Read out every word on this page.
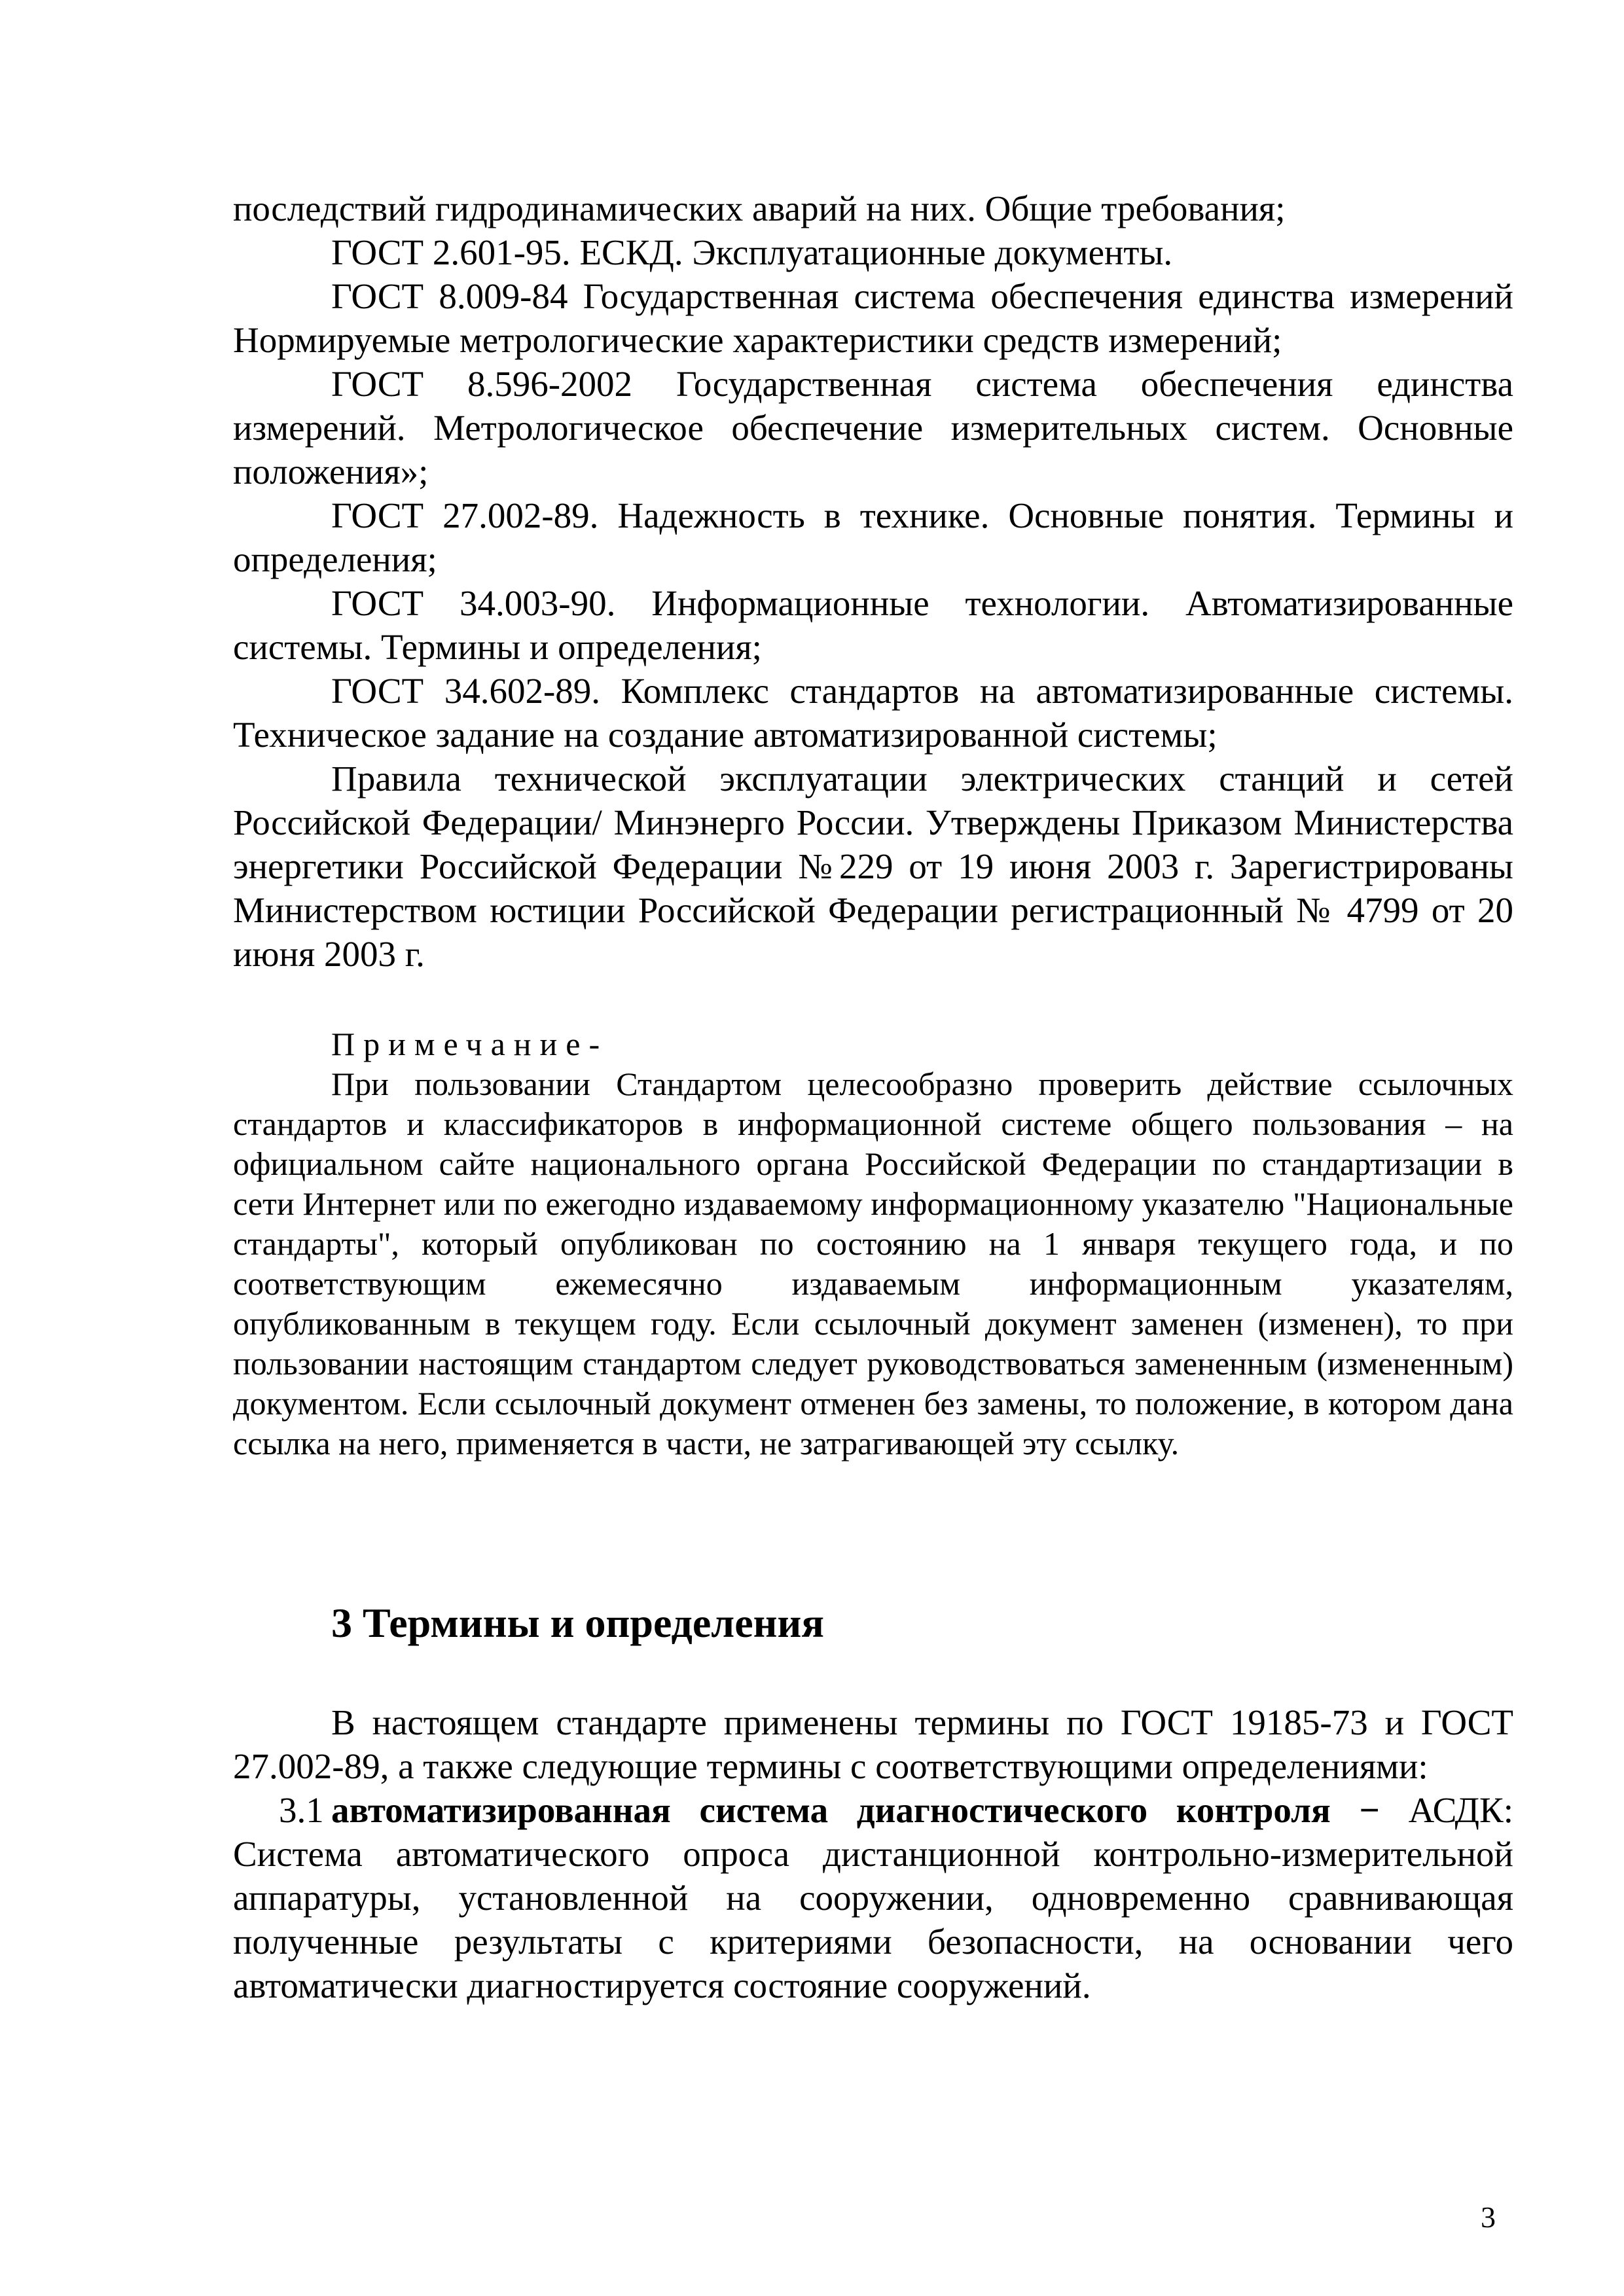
последствий гидродинамических аварий на них. Общие требования;

ГОСТ 2.601-95. ЕСКД. Эксплуатационные документы.

ГОСТ 8.009-84 Государственная система обеспечения единства измерений Нормируемые метрологические характеристики средств измерений;

ГОСТ 8.596-2002 Государственная система обеспечения единства измерений. Метрологическое обеспечение измерительных систем. Основные положения»;

ГОСТ 27.002-89. Надежность в технике. Основные понятия. Термины и определения;

ГОСТ 34.003-90. Информационные технологии. Автоматизированные системы. Термины и определения;

ГОСТ 34.602-89. Комплекс стандартов на автоматизированные системы. Техническое задание на создание автоматизированной системы;

Правила технической эксплуатации электрических станций и сетей Российской Федерации/ Минэнерго России. Утверждены Приказом Министерства энергетики Российской Федерации №229 от 19 июня 2003 г. Зарегистрированы Министерством юстиции Российской Федерации регистрационный № 4799 от 20 июня 2003 г.

Примечание-

При пользовании Стандартом целесообразно проверить действие ссылочных стандартов и классификаторов в информационной системе общего пользования – на официальном сайте национального органа Российской Федерации по стандартизации в сети Интернет или по ежегодно издаваемому информационному указателю "Национальные стандарты", который опубликован по состоянию на 1 января текущего года, и по соответствующим ежемесячно издаваемым информационным указателям, опубликованным в текущем году. Если ссылочный документ заменен (изменен), то при пользовании настоящим стандартом следует руководствоваться замененным (измененным) документом. Если ссылочный документ отменен без замены, то положение, в котором дана ссылка на него, применяется в части, не затрагивающей эту ссылку.

3 Термины и определения

В настоящем стандарте применены термины по ГОСТ 19185-73 и ГОСТ 27.002-89, а также следующие термины с соответствующими определениями:

3.1 автоматизированная система диагностического контроля − АСДК: Система автоматического опроса дистанционной контрольно-измерительной аппаратуры, установленной на сооружении, одновременно сравнивающая полученные результаты с критериями безопасности, на основании чего автоматически диагностируется состояние сооружений.

3
